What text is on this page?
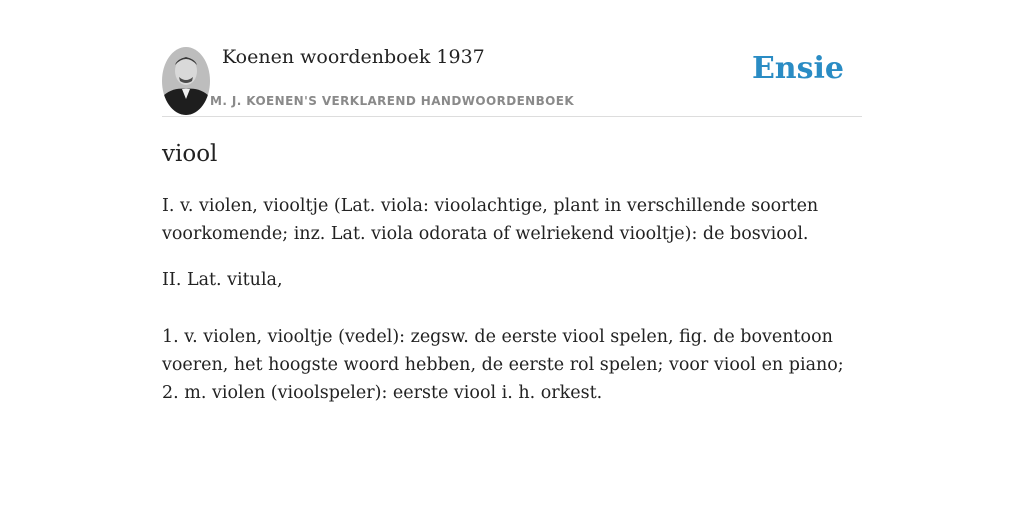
Koenen woordenboek 1937
M. J. KOENEN'S VERKLAREND HANDWOORDENBOEK
Ensie
viool

I. v. violen, viooltje (Lat. viola: vioolachtige, plant in verschillende soorten voorkomende; inz. Lat. viola odorata of welriekend viooltje): de bosviool.

II. Lat. vitula,

1. v. violen, viooltje (vedel): zegsw. de eerste viool spelen, fig. de boventoon
voeren, het hoogste woord hebben, de eerste rol spelen; voor viool en piano;
2. m. violen (vioolspeler): eerste viool i. h. orkest.
